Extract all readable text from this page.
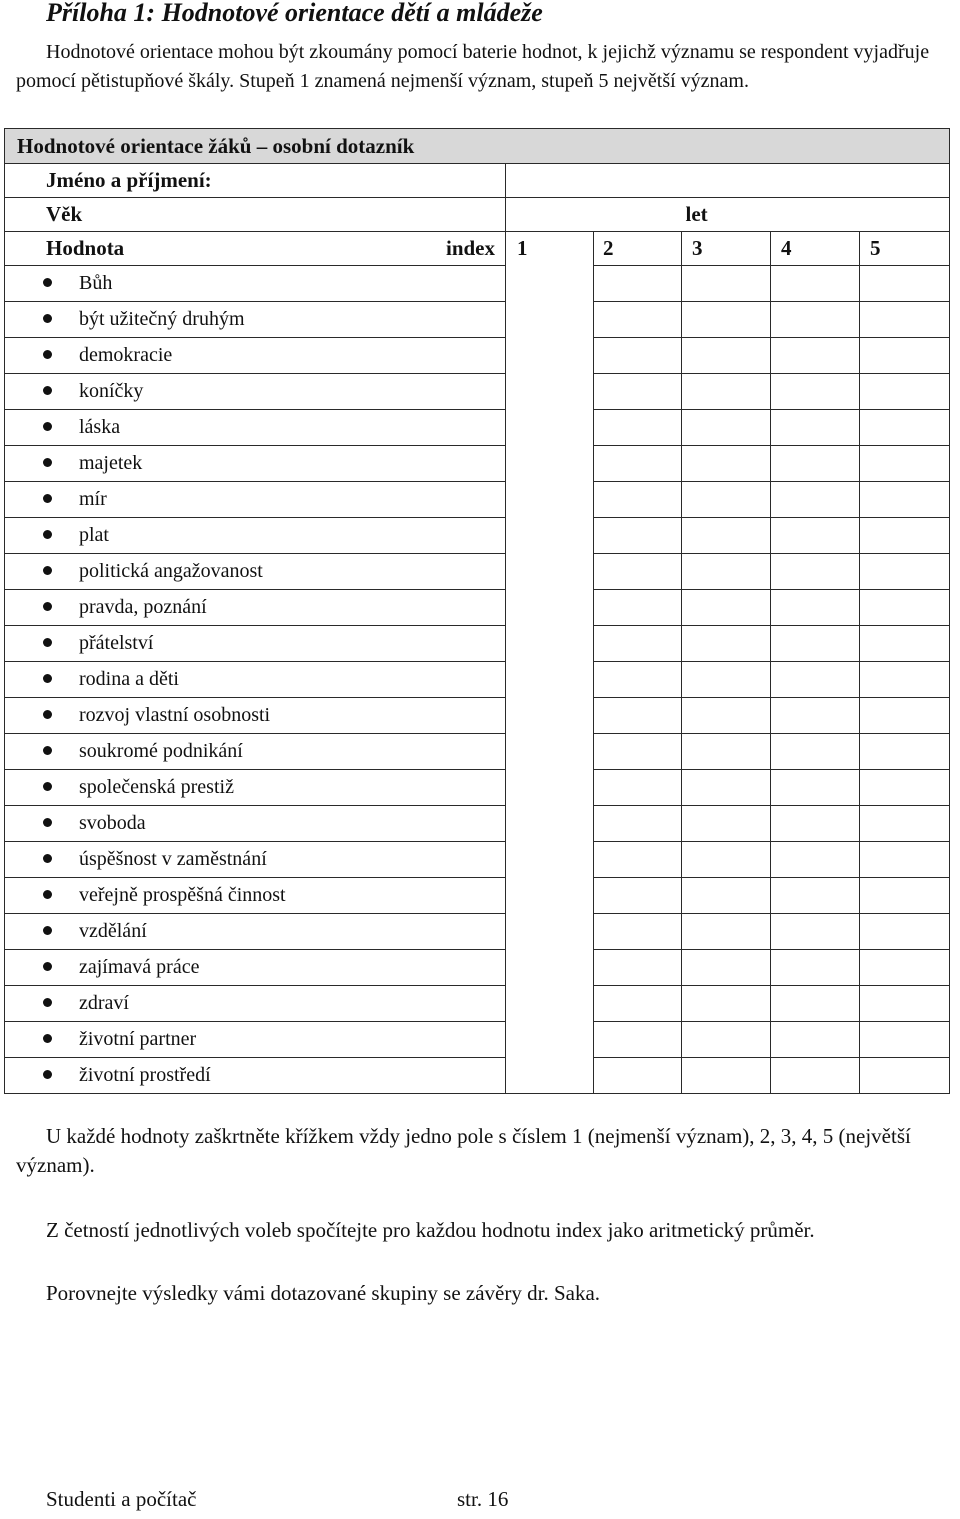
Příloha 1: Hodnotové orientace dětí a mládeže

Hodnotové orientace mohou být zkoumány pomocí baterie hodnot, k jejichž významu se respondent vyjadřuje pomocí pětistupňové škály. Stupeň 1 znamená nejmenší význam, stupeň 5 největší význam.

Hodnotové orientace žáků – osobní dotazník					
Jméno a příjmení:					
Věk			let		
Hodnota index	1	2	3	4	5
Bůh					
být užitečný druhým					
demokracie					
koníčky					
láska					
majetek					
mír					
plat					
politická angažovanost					
pravda, poznání					
přátelství					
rodina a děti					
rozvoj vlastní osobnosti					
soukromé podnikání					
společenská prestiž					
svoboda					
úspěšnost v zaměstnání					
veřejně prospěšná činnost					
vzdělání					
zajímavá práce					
zdraví					
životní partner					
životní prostředí					

U každé hodnoty zaškrtněte křížkem vždy jedno pole s číslem 1 (nejmenší význam), 2, 3, 4, 5 (největší význam).

Z četností jednotlivých voleb spočítejte pro každou hodnotu index jako aritmetický průměr.

Porovnejte výsledky vámi dotazované skupiny se závěry dr. Saka.

Studenti a počítač	str. 16
